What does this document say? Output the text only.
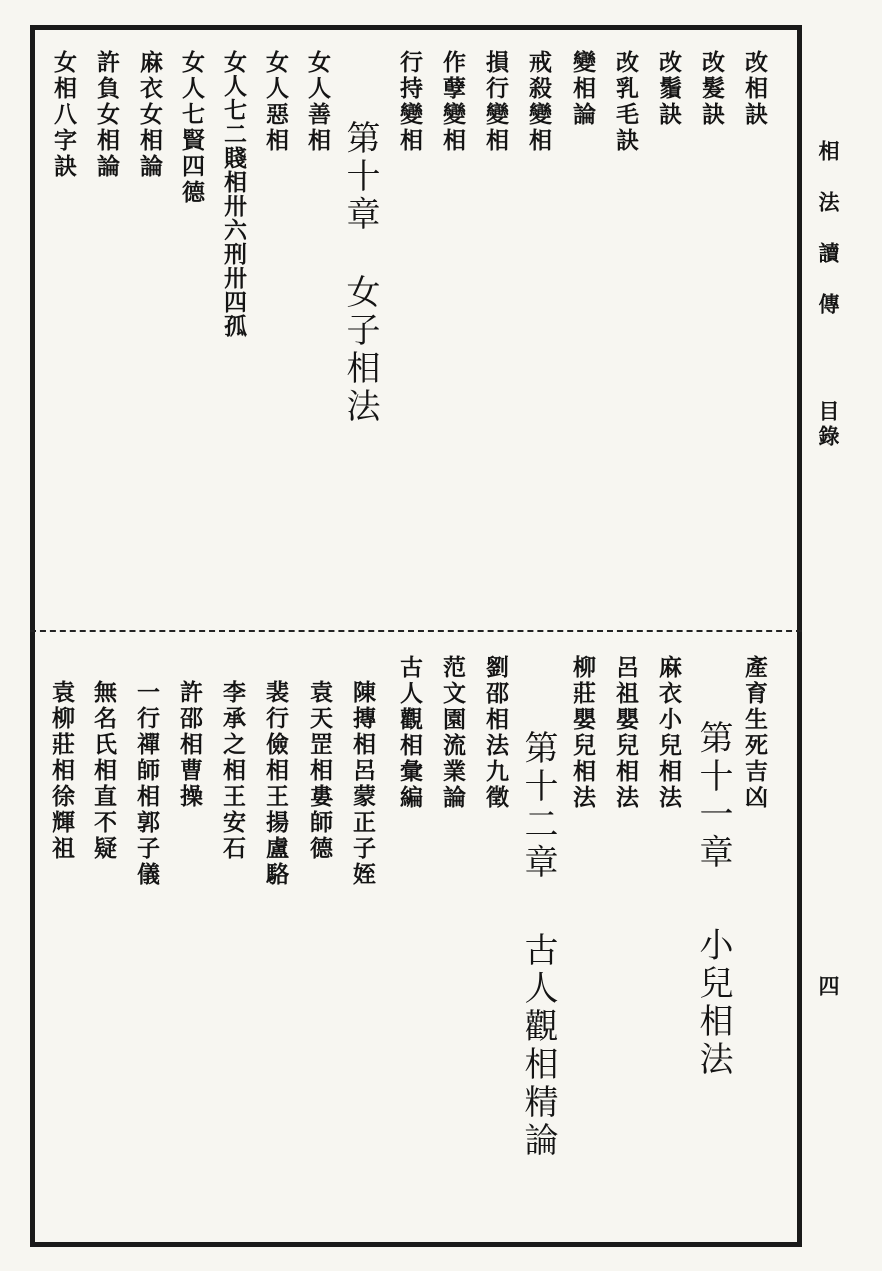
相法讀傳
目錄
四
改相訣
改髮訣
改鬚訣
改乳毛訣
變相論
戒殺變相
損行變相
作孽變相
行持變相
第十章女子相法
女人善相
女人惡相
女人七二賤相卅六刑卅四孤
女人七賢四德
麻衣女相論
許負女相論
女相八字訣
產育生死吉凶
第十一章小兒相法
麻衣小兒相法
呂祖嬰兒相法
柳莊嬰兒相法
第十二章古人觀相精論
劉邵相法九徵
范文園流業論
古人觀相彙編
陳摶相呂蒙正子姪
袁天罡相婁師德
裴行儉相王揚盧駱
李承之相王安石
許邵相曹操
一行禪師相郭子儀
無名氏相直不疑
袁柳莊相徐輝祖
